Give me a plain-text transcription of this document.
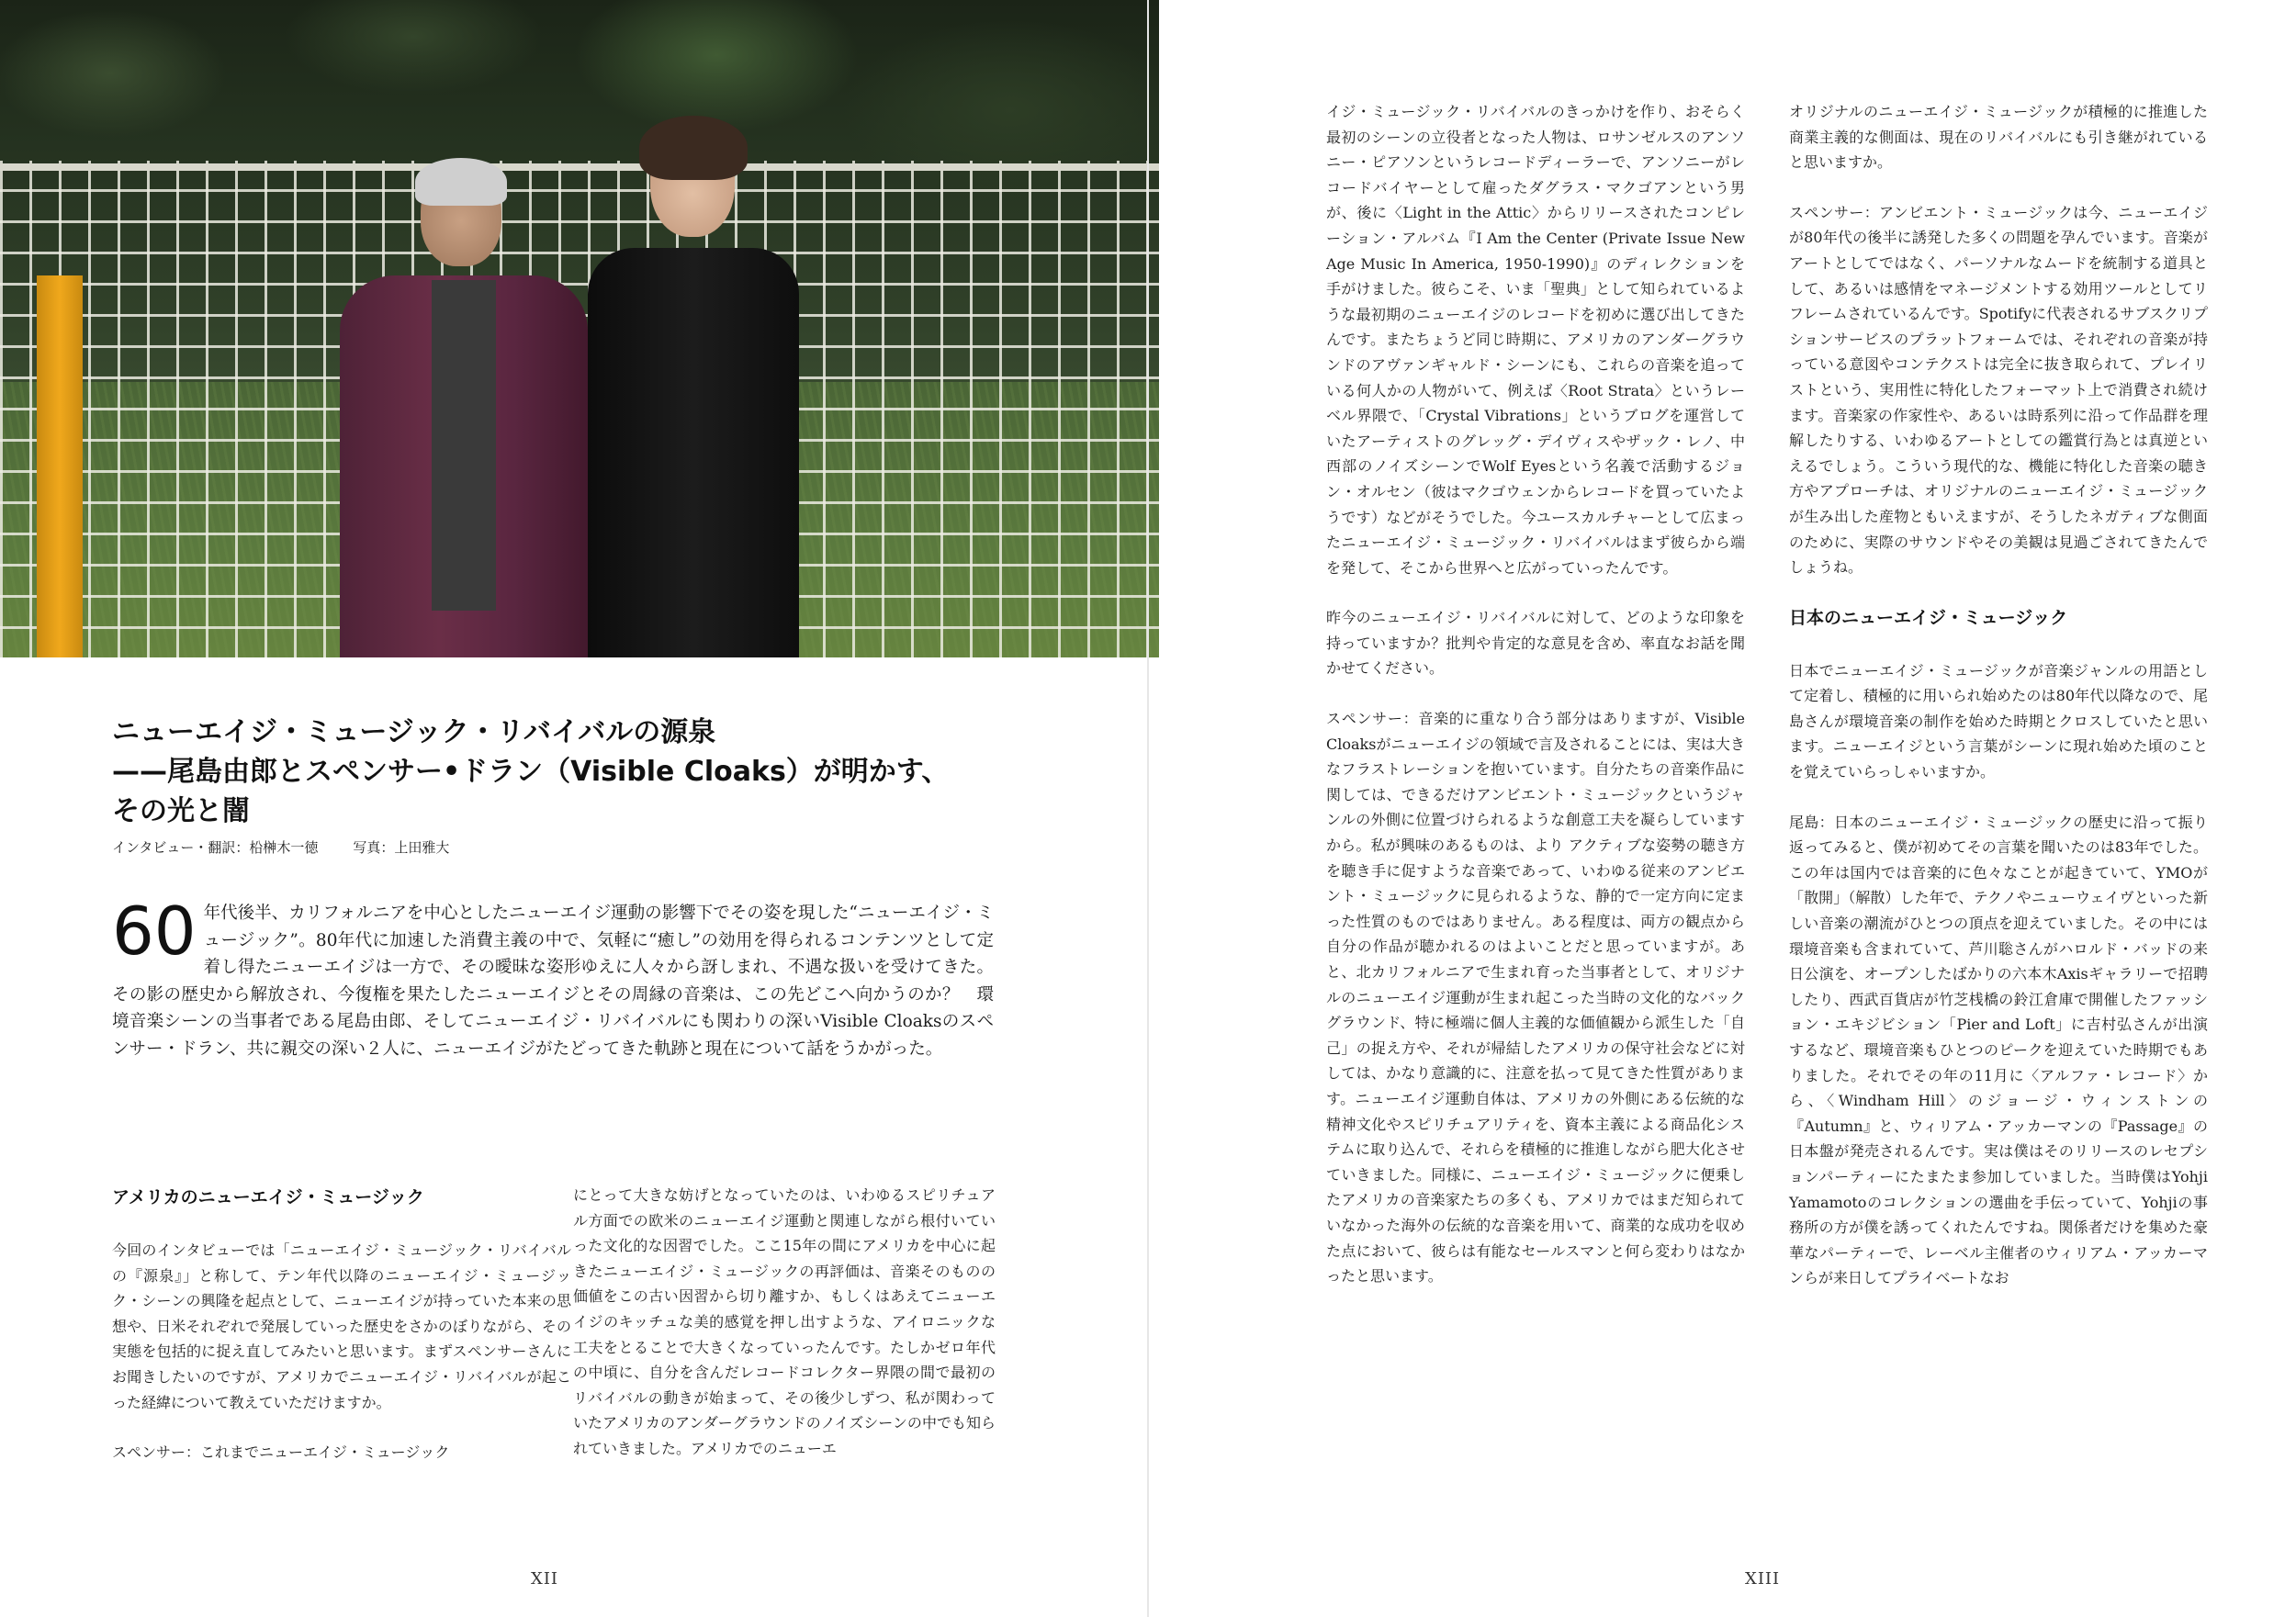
ニューエイジ・ミュージック・リバイバルの源泉
——尾島由郎とスペンサー•ドラン（Visible Cloaks）が明かす、
その光と闇
インタビュー・翻訳：柗榊木一徳	写真：上田雅大
60 年代後半、カリフォルニアを中心としたニューエイジ運動の影響下でその姿を現した“ニューエイジ・ミュージック”。80年代に加速した消費主義の中で、気軽に“癒し”の効用を得られるコンテンツとして定着し得たニューエイジは一方で、その曖昧な姿形ゆえに人々から訝しまれ、不遇な扱いを受けてきた。その影の歴史から解放され、今復権を果たしたニューエイジとその周縁の音楽は、この先どこへ向かうのか？　環境音楽シーンの当事者である尾島由郎、そしてニューエイジ・リバイバルにも関わりの深いVisible Cloaksのスペンサー・ドラン、共に親交の深い２人に、ニューエイジがたどってきた軌跡と現在について話をうかがった。
アメリカのニューエイジ・ミュージック

今回のインタビューでは「ニューエイジ・ミュージック・リバイバルの『源泉』」と称して、テン年代以降のニューエイジ・ミュージック・シーンの興隆を起点として、ニューエイジが持っていた本来の思想や、日米それぞれで発展していった歴史をさかのぼりながら、その実態を包括的に捉え直してみたいと思います。まずスペンサーさんにお聞きしたいのですが、アメリカでニューエイジ・リバイバルが起こった経緯について教えていただけますか。

スペンサー：これまでニューエイジ・ミュージック

にとって大きな妨げとなっていたのは、いわゆるスピリチュアル方面での欧米のニューエイジ運動と関連しながら根付いていった文化的な因習でした。ここ15年の間にアメリカを中心に起きたニューエイジ・ミュージックの再評価は、音楽そのものの価値をこの古い因習から切り離すか、もしくはあえてニューエイジのキッチュな美的感覚を押し出すような、アイロニックな工夫をとることで大きくなっていったんです。たしかゼロ年代の中頃に、自分を含んだレコードコレクター界隈の間で最初のリバイバルの動きが始まって、その後少しずつ、私が関わっていたアメリカのアンダーグラウンドのノイズシーンの中でも知られていきました。アメリカでのニューエ

XII

イジ・ミュージック・リバイバルのきっかけを作り、おそらく最初のシーンの立役者となった人物は、ロサンゼルスのアンソニー・ピアソンというレコードディーラーで、アンソニーがレコードバイヤーとして雇ったダグラス・マクゴアンという男が、後に〈Light in the Attic〉からリリースされたコンピレーション・アルバム『I Am the Center (Private Issue New Age Music In America, 1950-1990)』のディレクションを手がけました。彼らこそ、いま「聖典」として知られているような最初期のニューエイジのレコードを初めに選び出してきたんです。またちょうど同じ時期に、アメリカのアンダーグラウンドのアヴァンギャルド・シーンにも、これらの音楽を追っている何人かの人物がいて、例えば〈Root Strata〉というレーベル界隈で、「Crystal Vibrations」というブログを運営していたアーティストのグレッグ・デイヴィスやザック・レノ、中西部のノイズシーンでWolf Eyesという名義で活動するジョン・オルセン（彼はマクゴウェンからレコードを買っていたようです）などがそうでした。今ユースカルチャーとして広まったニューエイジ・ミュージック・リバイバルはまず彼らから端を発して、そこから世界へと広がっていったんです。

昨今のニューエイジ・リバイバルに対して、どのような印象を持っていますか？批判や肯定的な意見を含め、率直なお話を聞かせてください。

スペンサー：音楽的に重なり合う部分はありますが、Visible Cloaksがニューエイジの領域で言及されることには、実は大きなフラストレーションを抱いています。自分たちの音楽作品に関しては、できるだけアンビエント・ミュージックというジャンルの外側に位置づけられるような創意工夫を凝らしていますから。私が興味のあるものは、より アクティブな姿勢の聴き方を聴き手に促すような音楽であって、いわゆる従来のアンビエント・ミュージックに見られるような、静的で一定方向に定まった性質のものではありません。ある程度は、両方の観点から自分の作品が聴かれるのはよいことだと思っていますが。あと、北カリフォルニアで生まれ育った当事者として、オリジナルのニューエイジ運動が生まれ起こった当時の文化的なバックグラウンド、特に極端に個人主義的な価値観から派生した「自己」の捉え方や、それが帰結したアメリカの保守社会などに対しては、かなり意識的に、注意を払って見てきた性質があります。ニューエイジ運動自体は、アメリカの外側にある伝統的な精神文化やスピリチュアリティを、資本主義による商品化システムに取り込んで、それらを積極的に推進しながら肥大化させていきました。同様に、ニューエイジ・ミュージックに便乗したアメリカの音楽家たちの多くも、アメリカではまだ知られていなかった海外の伝統的な音楽を用いて、商業的な成功を収めた点において、彼らは有能なセールスマンと何ら変わりはなかったと思います。

オリジナルのニューエイジ・ミュージックが積極的に推進した商業主義的な側面は、現在のリバイバルにも引き継がれていると思いますか。

スペンサー：アンビエント・ミュージックは今、ニューエイジが80年代の後半に誘発した多くの問題を孕んでいます。音楽がアートとしてではなく、パーソナルなムードを統制する道具として、あるいは感情をマネージメントする効用ツールとしてリフレームされているんです。Spotifyに代表されるサブスクリプションサービスのプラットフォームでは、それぞれの音楽が持っている意図やコンテクストは完全に抜き取られて、プレイリストという、実用性に特化したフォーマット上で消費され続けます。音楽家の作家性や、あるいは時系列に沿って作品群を理解したりする、いわゆるアートとしての鑑賞行為とは真逆といえるでしょう。こういう現代的な、機能に特化した音楽の聴き方やアプローチは、オリジナルのニューエイジ・ミュージックが生み出した産物ともいえますが、そうしたネガティブな側面のために、実際のサウンドやその美観は見過ごされてきたんでしょうね。

日本のニューエイジ・ミュージック

日本でニューエイジ・ミュージックが音楽ジャンルの用語として定着し、積極的に用いられ始めたのは80年代以降なので、尾島さんが環境音楽の制作を始めた時期とクロスしていたと思います。ニューエイジという言葉がシーンに現れ始めた頃のことを覚えていらっしゃいますか。

尾島：日本のニューエイジ・ミュージックの歴史に沿って振り返ってみると、僕が初めてその言葉を聞いたのは83年でした。この年は国内では音楽的に色々なことが起きていて、YMOが「散開」（解散）した年で、テクノやニューウェイヴといった新しい音楽の潮流がひとつの頂点を迎えていました。その中には環境音楽も含まれていて、芦川聡さんがハロルド・バッドの来日公演を、オープンしたばかりの六本木Axisギャラリーで招聘したり、西武百貨店が竹芝桟橋の鈴江倉庫で開催したファッション・エキジビション「Pier and Loft」に吉村弘さんが出演するなど、環境音楽もひとつのピークを迎えていた時期でもありました。それでその年の11月に〈アルファ・レコード〉から、〈Windham Hill〉のジョージ・ウィンストンの『Autumn』と、ウィリアム・アッカーマンの『Passage』の日本盤が発売されるんです。実は僕はそのリリースのレセプションパーティーにたまたま参加していました。当時僕はYohji Yamamotoのコレクションの選曲を手伝っていて、Yohjiの事務所の方が僕を誘ってくれたんですね。関係者だけを集めた豪華なパーティーで、レーベル主催者のウィリアム・アッカーマンらが来日してプライベートなお

XIII
